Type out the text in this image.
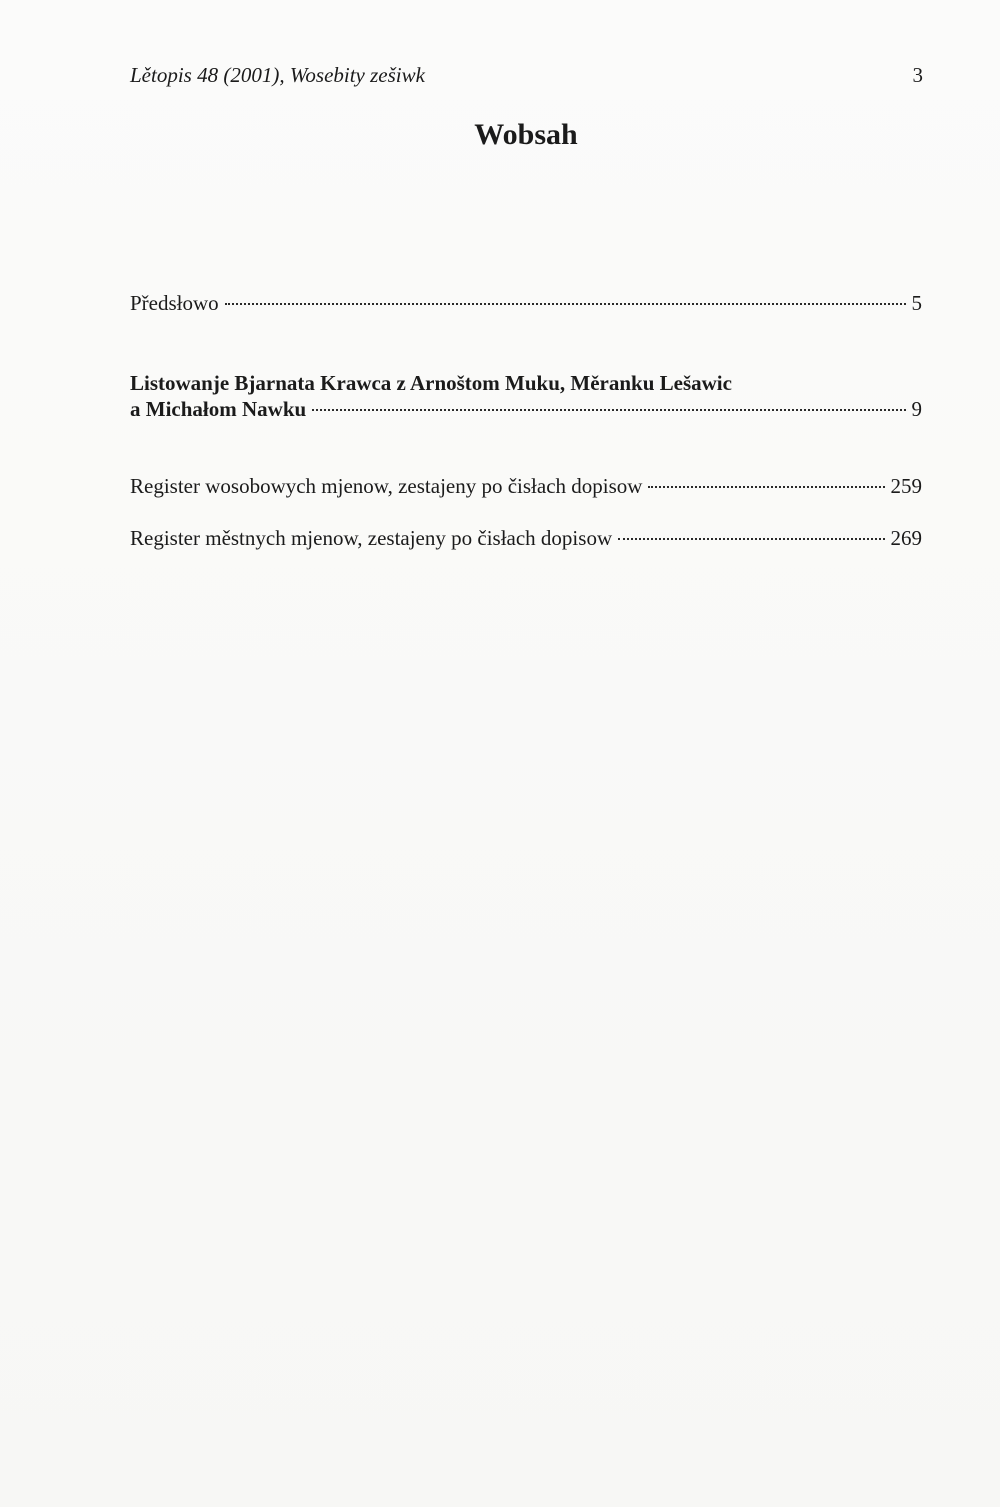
Lětopis 48 (2001), Wosebity zešiwk	3
Wobsah
Předsłowo	5
Listowanje Bjarnata Krawca z Arnoštom Muku, Měranku Lešawic
a Michałom Nawku	9
Register wosobowych mjenow, zestajeny po čisłach dopisow	259
Register městnych mjenow, zestajeny po čisłach dopisow	269
